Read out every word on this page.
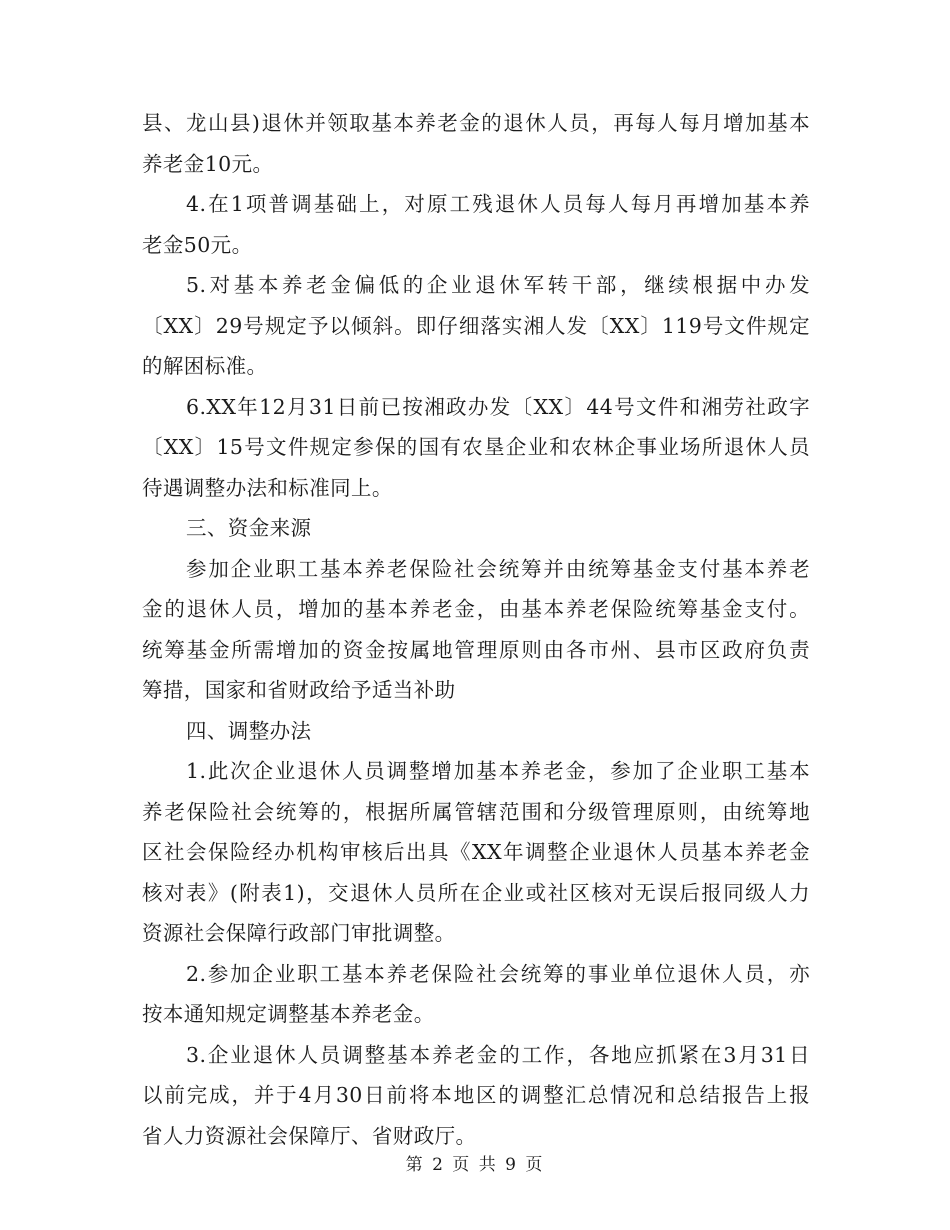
县、龙山县)退休并领取基本养老金的退休人员，再每人每月增加基本
养老金10元。
4.在1项普调基础上，对原工残退休人员每人每月再增加基本养
老金50元。
5.对基本养老金偏低的企业退休军转干部，继续根据中办发
〔XX〕29号规定予以倾斜。即仔细落实湘人发〔XX〕119号文件规定
的解困标准。
6.XX年12月31日前已按湘政办发〔XX〕44号文件和湘劳社政字
〔XX〕15号文件规定参保的国有农垦企业和农林企事业场所退休人员
待遇调整办法和标准同上。
三、资金来源
参加企业职工基本养老保险社会统筹并由统筹基金支付基本养老
金的退休人员，增加的基本养老金，由基本养老保险统筹基金支付。
统筹基金所需增加的资金按属地管理原则由各市州、县市区政府负责
筹措，国家和省财政给予适当补助
四、调整办法
1.此次企业退休人员调整增加基本养老金，参加了企业职工基本
养老保险社会统筹的，根据所属管辖范围和分级管理原则，由统筹地
区社会保险经办机构审核后出具《XX年调整企业退休人员基本养老金
核对表》(附表1)，交退休人员所在企业或社区核对无误后报同级人力
资源社会保障行政部门审批调整。
2.参加企业职工基本养老保险社会统筹的事业单位退休人员，亦
按本通知规定调整基本养老金。
3.企业退休人员调整基本养老金的工作，各地应抓紧在3月31日
以前完成，并于4月30日前将本地区的调整汇总情况和总结报告上报
省人力资源社会保障厅、省财政厅。
第 2 页 共 9 页
